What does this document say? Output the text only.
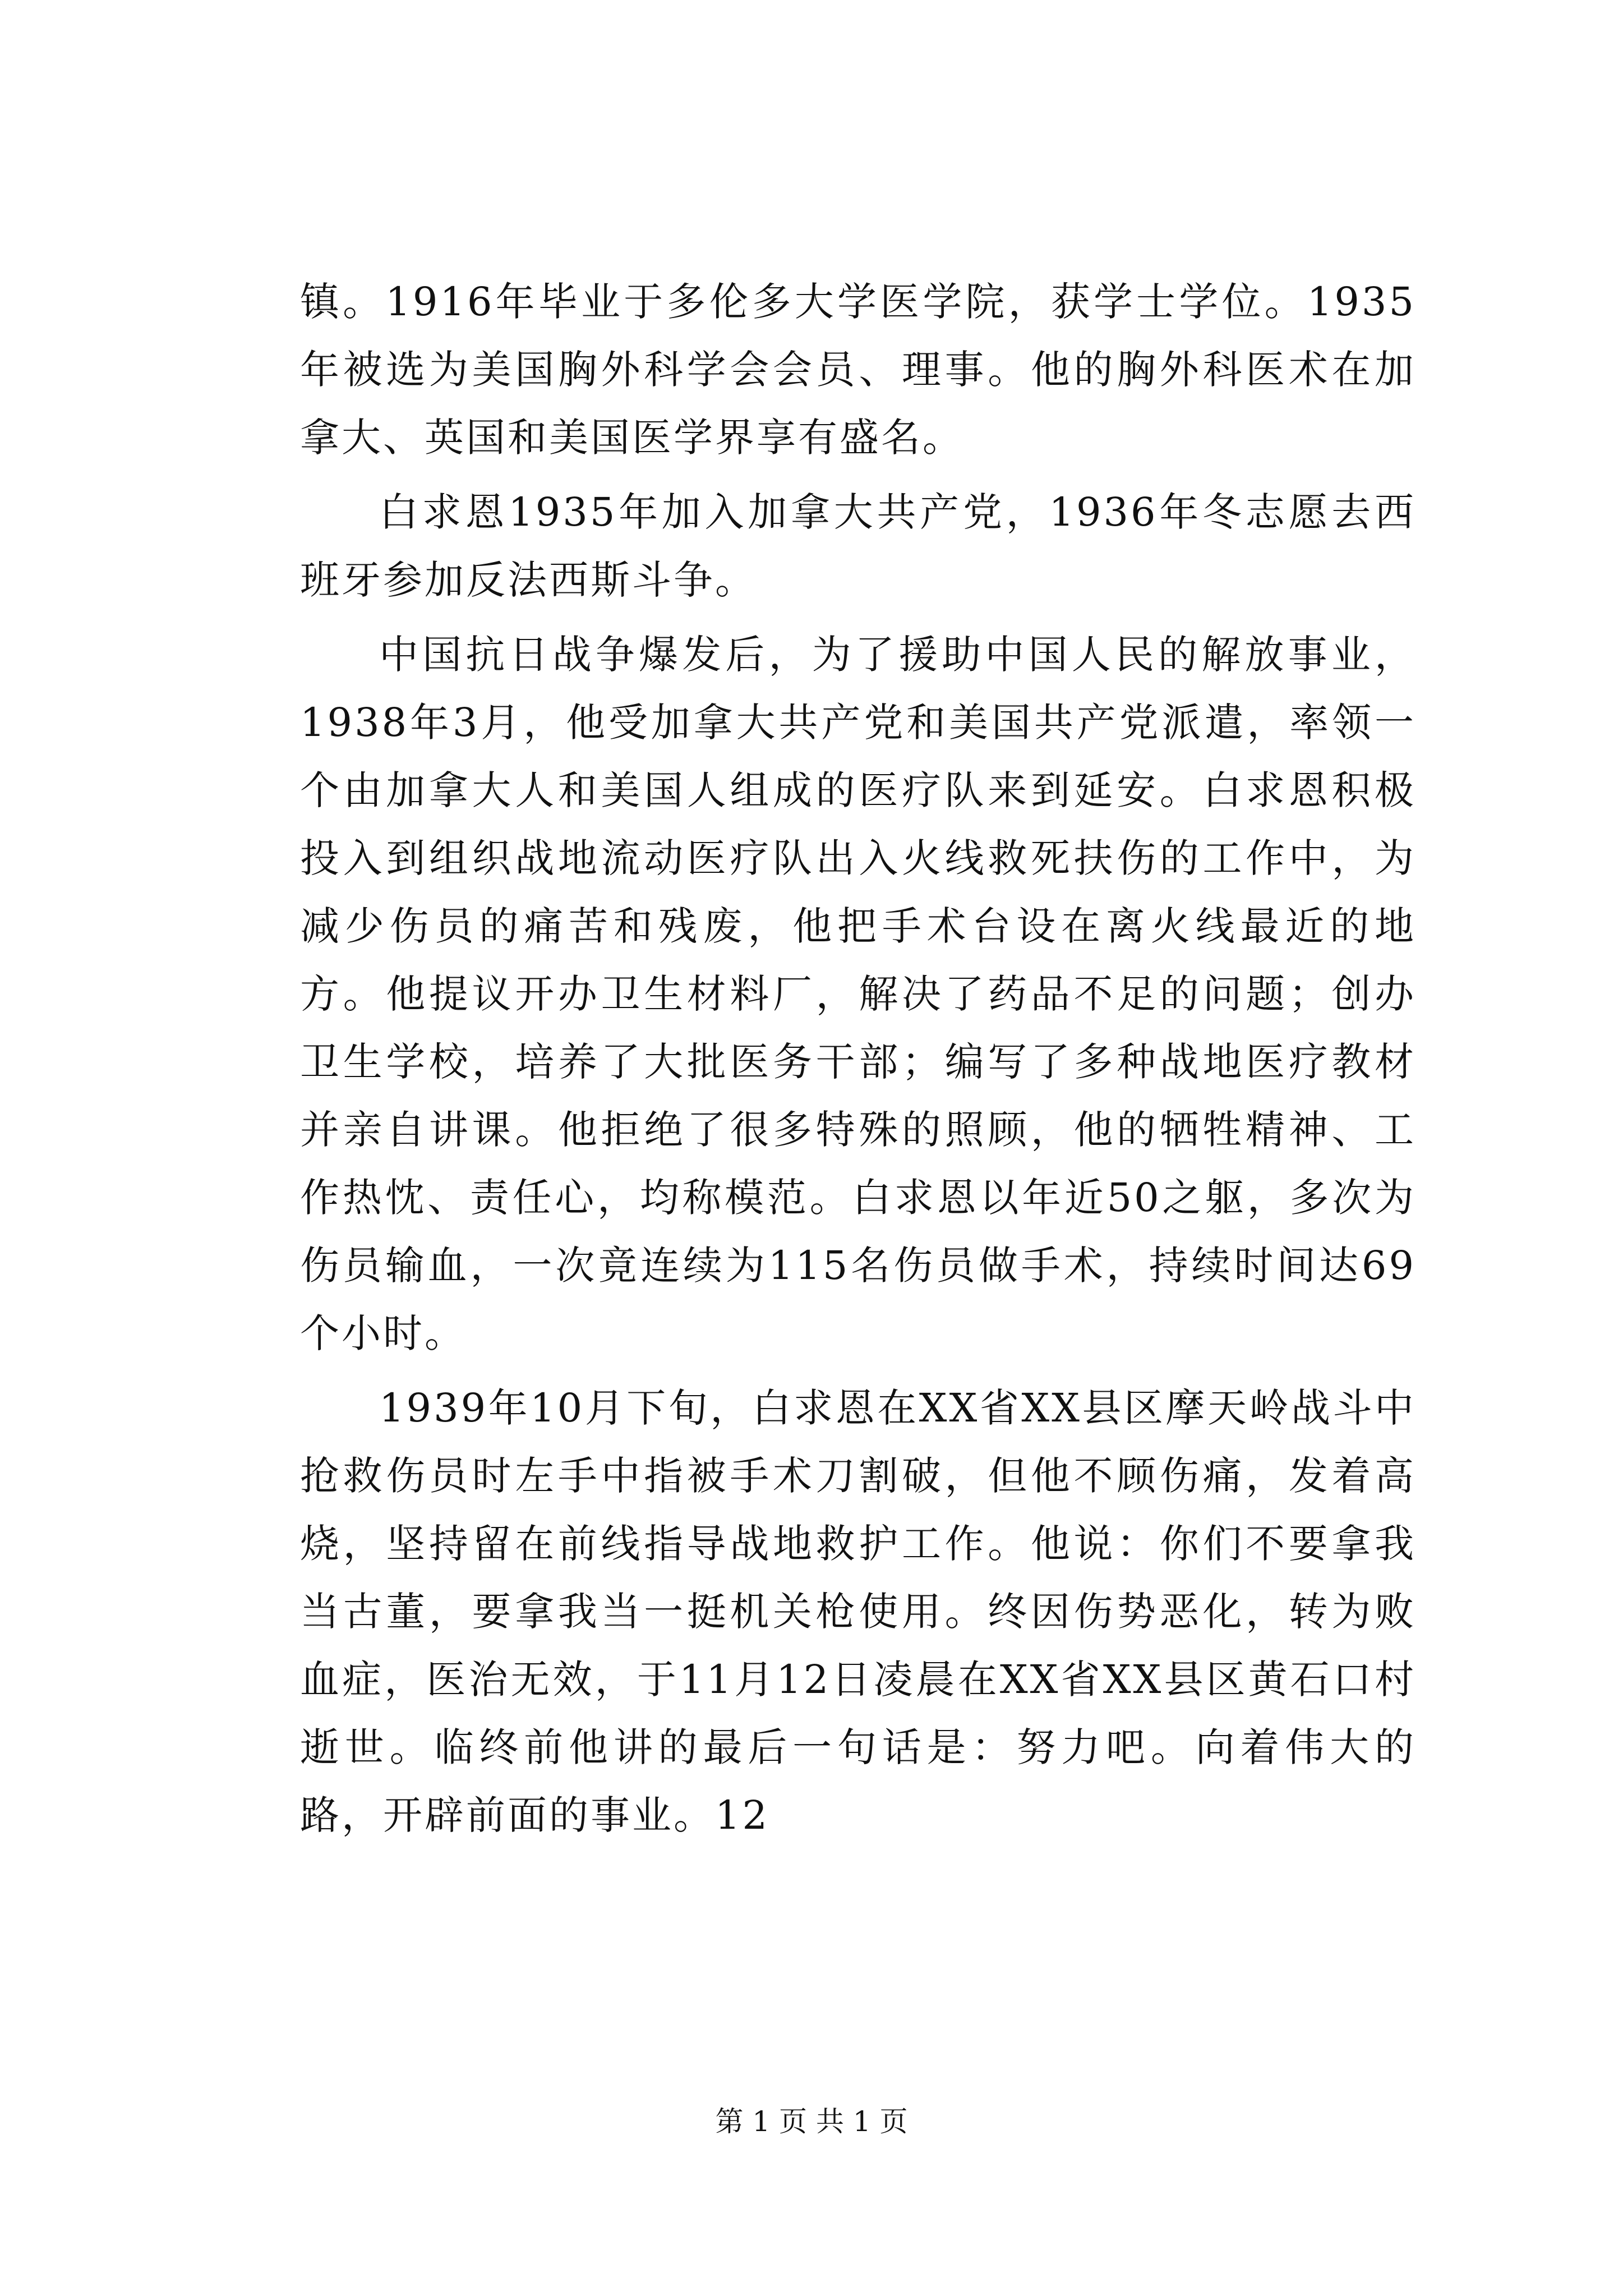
镇。1916年毕业于多伦多大学医学院，获学士学位。1935年被选为美国胸外科学会会员、理事。他的胸外科医术在加拿大、英国和美国医学界享有盛名。

白求恩1935年加入加拿大共产党，1936年冬志愿去西班牙参加反法西斯斗争。

中国抗日战争爆发后，为了援助中国人民的解放事业，1938年3月，他受加拿大共产党和美国共产党派遣，率领一个由加拿大人和美国人组成的医疗队来到延安。白求恩积极投入到组织战地流动医疗队出入火线救死扶伤的工作中，为减少伤员的痛苦和残废，他把手术台设在离火线最近的地方。他提议开办卫生材料厂，解决了药品不足的问题；创办卫生学校，培养了大批医务干部；编写了多种战地医疗教材并亲自讲课。他拒绝了很多特殊的照顾，他的牺牲精神、工作热忱、责任心，均称模范。白求恩以年近50之躯，多次为伤员输血，一次竟连续为115名伤员做手术，持续时间达69个小时。

1939年10月下旬，白求恩在XX省XX县区摩天岭战斗中抢救伤员时左手中指被手术刀割破，但他不顾伤痛，发着高烧，坚持留在前线指导战地救护工作。他说：你们不要拿我当古董，要拿我当一挺机关枪使用。终因伤势恶化，转为败血症，医治无效，于11月12日凌晨在XX省XX县区黄石口村逝世。临终前他讲的最后一句话是：努力吧。向着伟大的路，开辟前面的事业。12

第 1 页 共 1 页
